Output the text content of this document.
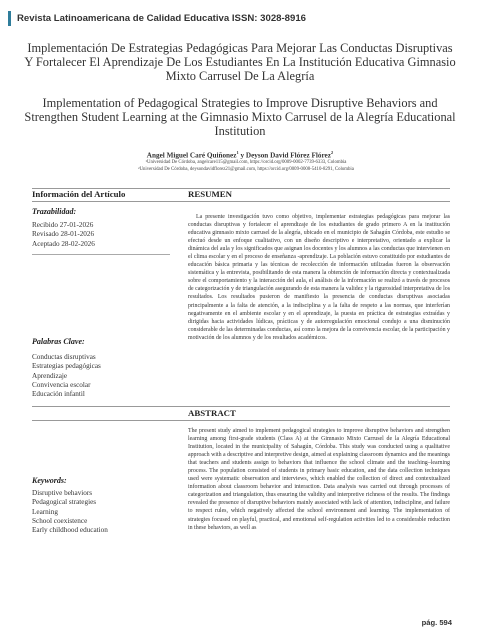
Revista Latinoamericana de Calidad Educativa ISSN: 3028-8916
Implementación De Estrategias Pedagógicas Para Mejorar Las Conductas Disruptivas Y Fortalecer El Aprendizaje De Los Estudiantes En La Institución Educativa Gimnasio Mixto Carrusel De La Alegría
Implementation of Pedagogical Strategies to Improve Disruptive Behaviors and Strengthen Student Learning at the Gimnasio Mixto Carrusel de la Alegría Educational Institution
Angel Miguel Caré Quiñonez$^1$ y Deyson David Flórez Flórez$^2$
¹Universidad De Córdoba, angelcare115@gmail.com, https://orcid.org/0009-0002-7739-6333, Colombia
²Universidad De Córdoba, deysondavidflorez21@gmail.com, https://orcid.org/0009-0008-5410-8291, Colombia
Información del Artículo	RESUMEN
Trazabilidad:
Recibido 27-01-2026
Revisado 28-01-2026
Aceptado 28-02-2026
Palabras Clave:
Conductas disruptivas
Estrategias pedagógicas
Aprendizaje
Convivencia escolar
Educación infantil

La presente investigación tuvo como objetivo, implementar estrategias pedagógicas para mejorar las conductas disruptivas y fortalecer el aprendizaje de los estudiantes de grado primero A en la institución educativa gimnasio mixto carrusel de la alegría, ubicado en el municipio de Sahagún Córdoba, este estudio se efectuó desde un enfoque cualitativo, con un diseño descriptivo e interpretativo, orientado a explicar la dinámica del aula y los significados que asignan los docentes y los alumnos a las conductas que intervienen en el clima escolar y en el proceso de enseñanza -aprendizaje. La población estuvo constituido por estudiantes de educación básica primaria y las técnicas de recolección de información utilizadas fueron la observación sistemática y la entrevista, posibilitando de esta manera la obtención de información directa y contextualizada sobre el comportamiento y la interacción del aula, el análisis de la información se realizó a través de procesos de categorización y de triangulación asegurando de esta manera la validez y la rigurosidad interpretativa de los resultados. Los resultados pusieron de manifiesto la presencia de conductas disruptivas asociadas principalmente a la falta de atención, a la indisciplina y a la falta de respeto a las normas, que interferían negativamente en el ambiente escolar y en el aprendizaje, la puesta en práctica de estrategias extraídas y dirigidas hacia actividades lúdicas, prácticas y de autorregulación emocional condujo a una disminución considerable de las determinadas conductas, así como la mejora de la convivencia escolar, de la participación y motivación de los alumnos y de los resultados académicos.

ABSTRACT

The present study aimed to implement pedagogical strategies to improve disruptive behaviors and strengthen learning among first-grade students (Class A) at the Gimnasio Mixto Carrusel de la Alegría Educational Institution, located in the municipality of Sahagún, Córdoba. This study was conducted using a qualitative approach with a descriptive and interpretive design, aimed at explaining classroom dynamics and the meanings that teachers and students assign to behaviors that influence the school climate and the teaching–learning process. The population consisted of students in primary basic education, and the data collection techniques used were systematic observation and interviews, which enabled the collection of direct and contextualized information about classroom behavior and interaction. Data analysis was carried out through processes of categorization and triangulation, thus ensuring the validity and interpretive richness of the results. The findings revealed the presence of disruptive behaviors mainly associated with lack of attention, indiscipline, and failure to respect rules, which negatively affected the school environment and learning. The implementation of strategies focused on playful, practical, and emotional self-regulation activities led to a considerable reduction in these behaviors, as well as

Keywords:
Disruptive behaviors
Pedagogical strategies
Learning
School coexistence
Early childhood education
pág. 594
